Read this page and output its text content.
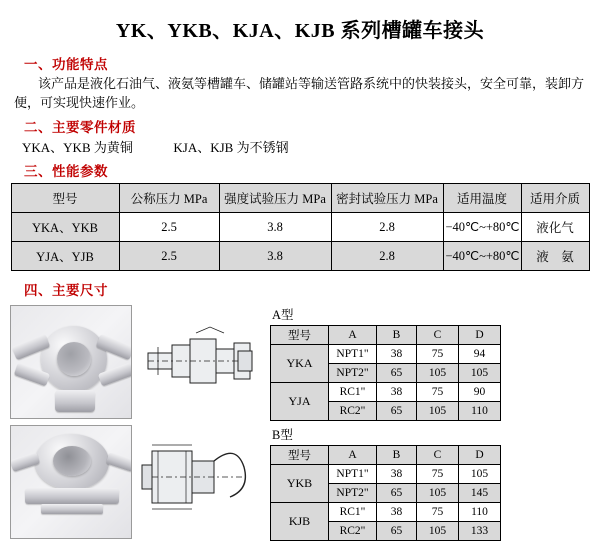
YK、YKB、KJA、KJB 系列槽罐车接头
一、功能特点
该产品是液化石油气、液氨等槽罐车、储罐站等输送管路系统中的快装接头，安全可靠，装卸方便，可实现快速作业。
二、主要零件材质
YKA、YKB 为黄铜	KJA、KJB 为不锈钢
三、性能参数
型号	公称压力 MPa	强度试验压力 MPa	密封试验压力 MPa	适用温度	适用介质
YKA、YKB	2.5	3.8	2.8	−40℃~+80℃	液化气
YJA、YJB	2.5	3.8	2.8	−40℃~+80℃	液　氨
四、主要尺寸
A型
型号	A	B	C	D
YKA	NPT1"	38	75	94
	NPT2"	65	105	105
YJA	RC1"	38	75	90
	RC2"	65	105	110
B型
型号	A	B	C	D
YKB	NPT1"	38	75	105
	NPT2"	65	105	145
KJB	RC1"	38	75	110
	RC2"	65	105	133
